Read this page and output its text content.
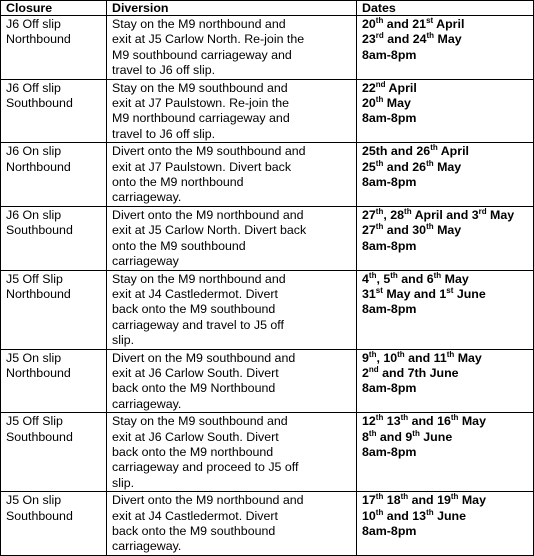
Closure	Diversion	Dates

J6 Off slip
Northbound	Stay on the M9 northbound and
exit at J5 Carlow North. Re-join the
M9 southbound carriageway and
travel to J6 off slip.	20th and 21st April
23rd and 24th May
8am-8pm

J6 Off slip
Southbound	Stay on the M9 southbound and
exit at J7 Paulstown. Re-join the
M9 northbound carriageway and
travel to J6 off slip.	22nd April
20th May
8am-8pm

J6 On slip
Northbound	Divert onto the M9 southbound and
exit at J7 Paulstown. Divert back
onto the M9 northbound
carriageway.	25th and 26th April
25th and 26th May
8am-8pm

J6 On slip
Southbound	Divert onto the M9 northbound and
exit at J5 Carlow North. Divert back
onto the M9 southbound
carriageway	27th, 28th April and 3rd May
27th and 30th May
8am-8pm

J5 Off Slip
Northbound	Stay on the M9 northbound and
exit at J4 Castledermot. Divert
back onto the M9 southbound
carriageway and travel to J5 off
slip.	4th, 5th and 6th May
31st May and 1st June
8am-8pm

J5 On slip
Northbound	Divert on the M9 southbound and
exit at J6 Carlow South. Divert
back onto the M9 Northbound
carriageway.	9th, 10th and 11th May
2nd and 7th June
8am-8pm

J5 Off Slip
Southbound	Stay on the M9 southbound and
exit at J6 Carlow South. Divert
back onto the M9 northbound
carriageway and proceed to J5 off
slip.	12th 13th and 16th May
8th and 9th June
8am-8pm

J5 On slip
Southbound	Divert onto the M9 northbound and
exit at J4 Castledermot. Divert
back onto the M9 southbound
carriageway.	17th 18th and 19th May
10th and 13th June
8am-8pm
